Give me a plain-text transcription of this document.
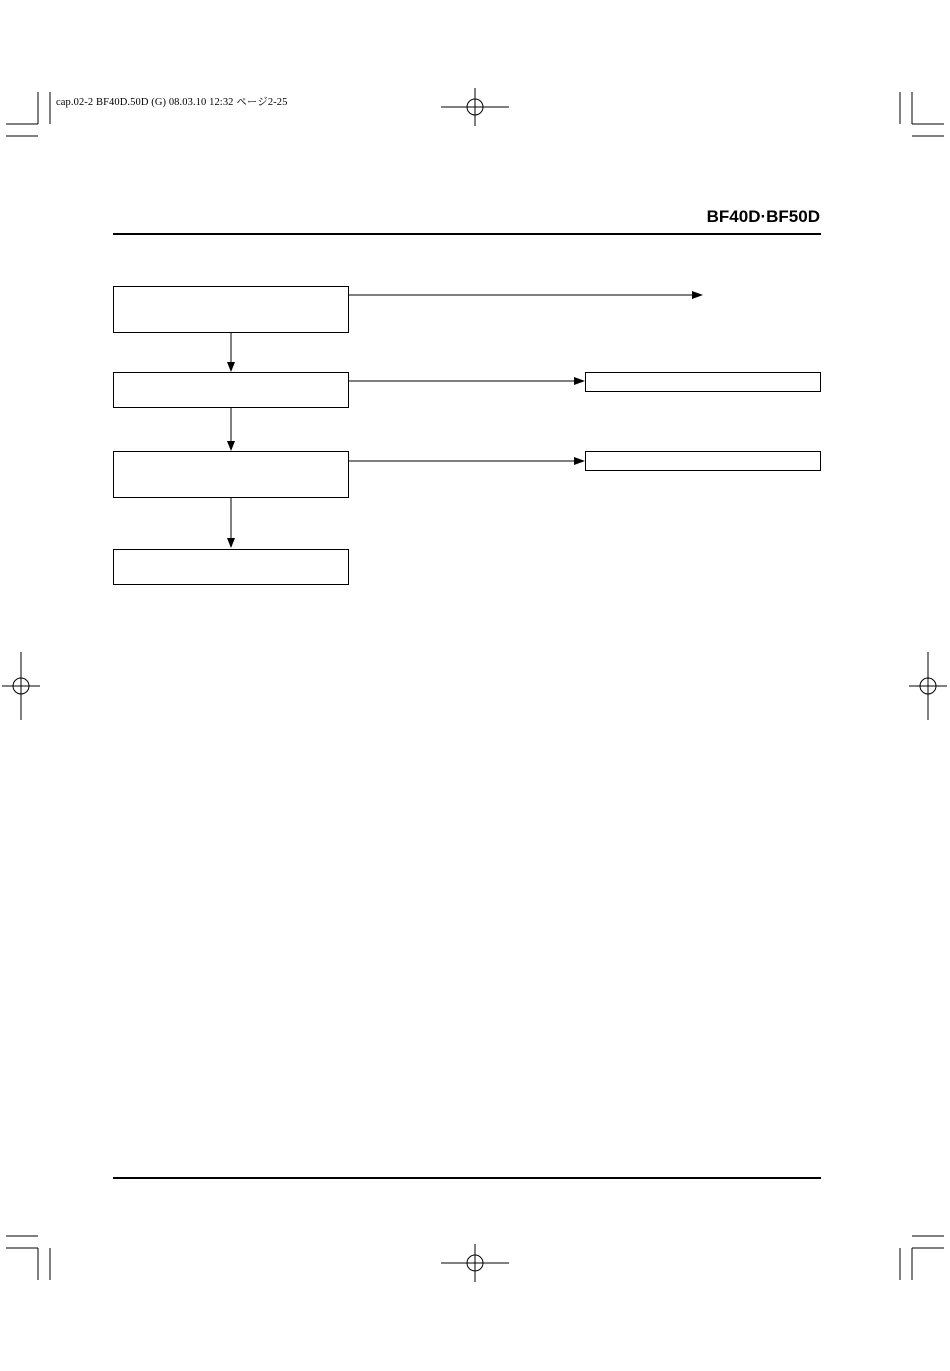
cap.02-2 BF40D.50D (G) 08.03.10 12:32 ページ2-25
BF40D·BF50D
